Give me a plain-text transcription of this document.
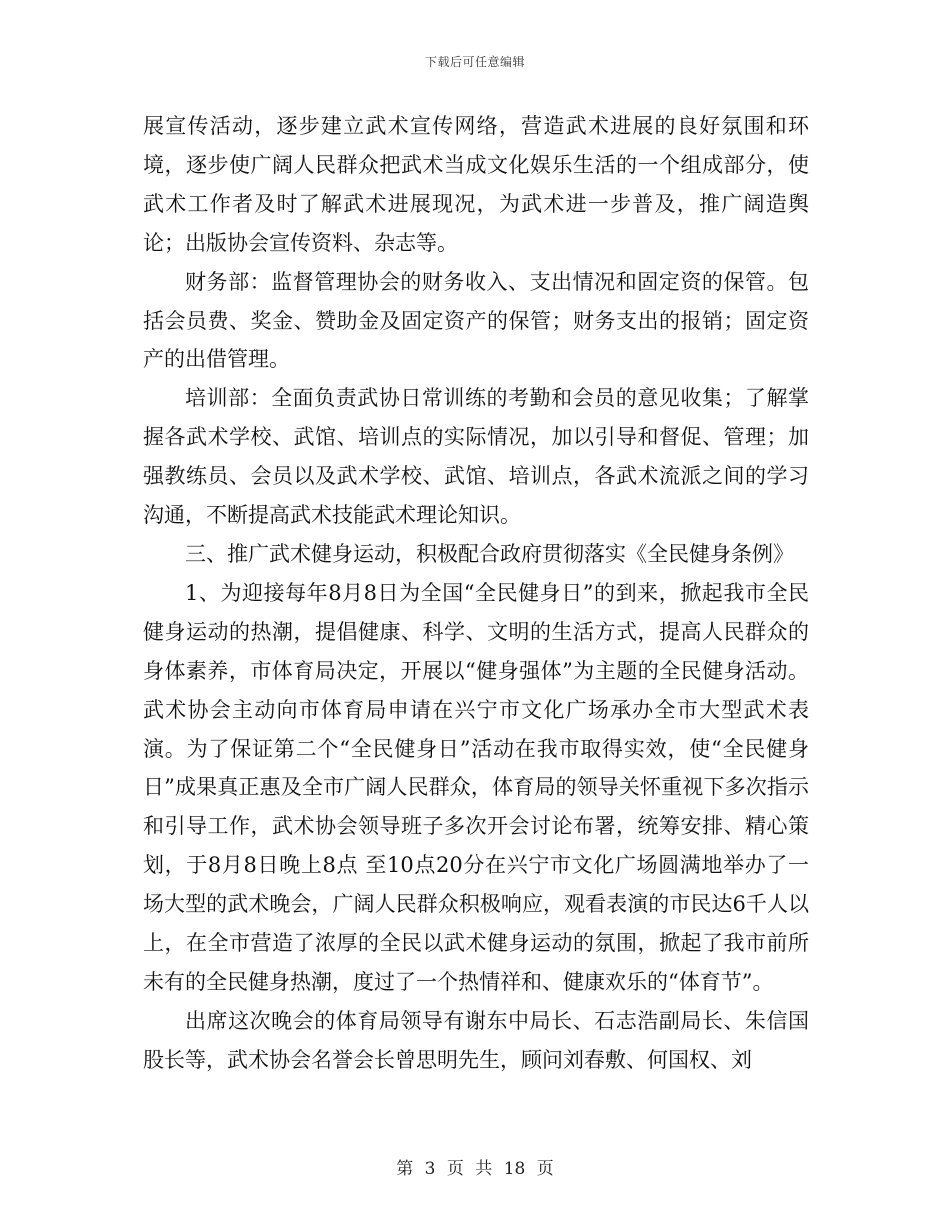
下载后可任意编辑

展宣传活动，逐步建立武术宣传网络，营造武术进展的良好氛围和环境，逐步使广阔人民群众把武术当成文化娱乐生活的一个组成部分，使武术工作者及时了解武术进展现况，为武术进一步普及，推广阔造舆论；出版协会宣传资料、杂志等。

财务部：监督管理协会的财务收入、支出情况和固定资的保管。包括会员费、奖金、赞助金及固定资产的保管；财务支出的报销；固定资产的出借管理。

培训部：全面负责武协日常训练的考勤和会员的意见收集；了解掌握各武术学校、武馆、培训点的实际情况，加以引导和督促、管理；加强教练员、会员以及武术学校、武馆、培训点，各武术流派之间的学习沟通，不断提高武术技能武术理论知识。

三、推广武术健身运动，积极配合政府贯彻落实《全民健身条例》

1、为迎接每年8月8日为全国“全民健身日”的到来，掀起我市全民健身运动的热潮，提倡健康、科学、文明的生活方式，提高人民群众的身体素养，市体育局决定，开展以“健身强体”为主题的全民健身活动。武术协会主动向市体育局申请在兴宁市文化广场承办全市大型武术表演。为了保证第二个“全民健身日”活动在我市取得实效，使“全民健身日”成果真正惠及全市广阔人民群众，体育局的领导关怀重视下多次指示和引导工作，武术协会领导班子多次开会讨论布署，统筹安排、精心策划，于8月8日晚上8点 至10点20分在兴宁市文化广场圆满地举办了一场大型的武术晚会，广阔人民群众积极响应，观看表演的市民达6千人以上，在全市营造了浓厚的全民以武术健身运动的氛围，掀起了我市前所未有的全民健身热潮，度过了一个热情祥和、健康欢乐的“体育节”。

出席这次晚会的体育局领导有谢东中局长、石志浩副局长、朱信国股长等，武术协会名誉会长曾思明先生，顾问刘春敷、何国权、刘

第 3 页 共 18 页
